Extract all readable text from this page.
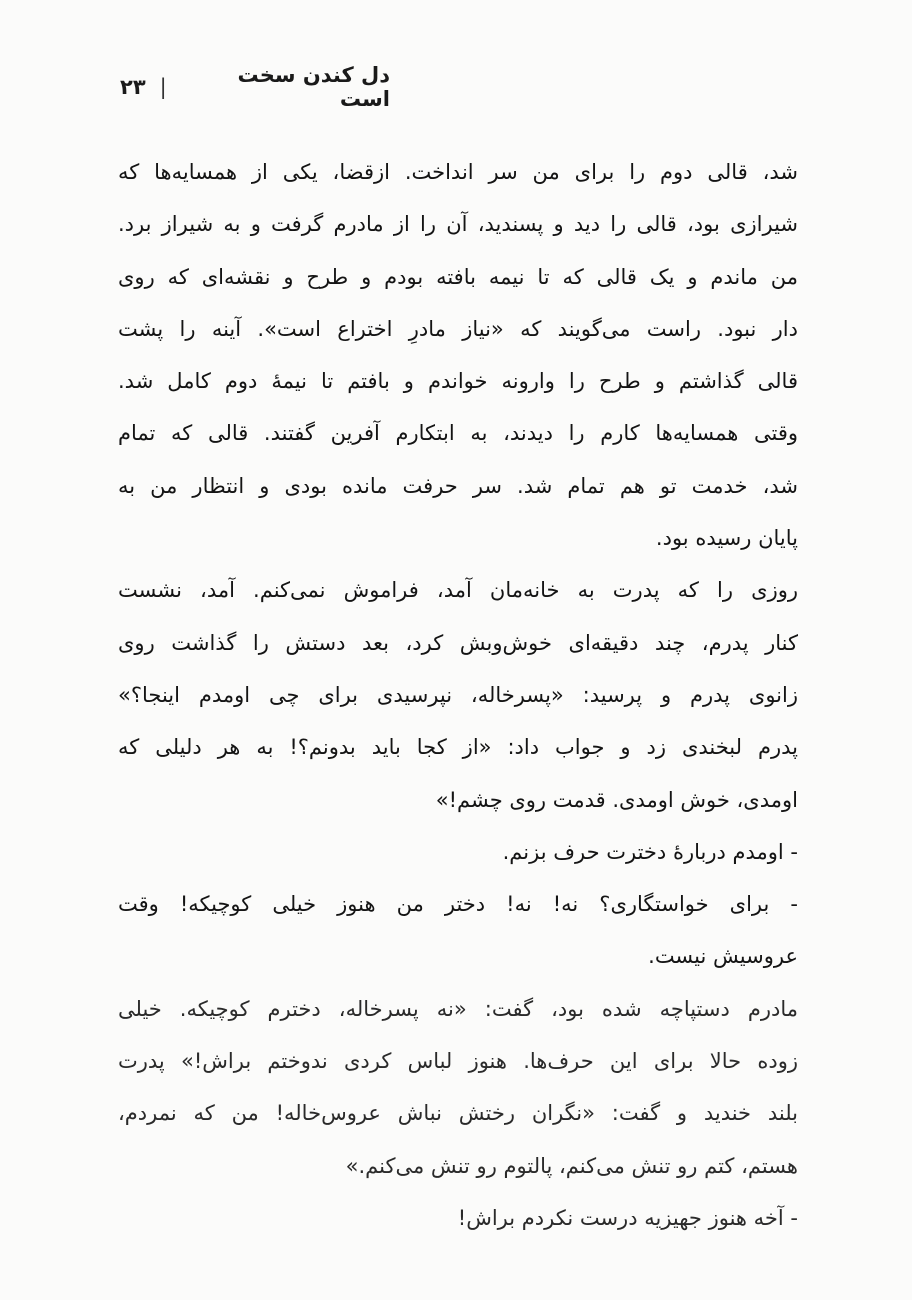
دل کندن سخت است
|
۲۳
شد، قالی دوم را برای من سر انداخت. ازقضا، یکی از همسایه‌ها که
شیرازی بود، قالی را دید و پسندید، آن را از مادرم گرفت و به شیراز برد.
من ماندم و یک قالی که تا نیمه بافته بودم و طرح و نقشه‌ای که روی
دار نبود. راست می‌گویند که «نیاز مادرِ اختراع است». آینه را پشت
قالی گذاشتم و طرح را وارونه خواندم و بافتم تا نیمهٔ دوم کامل شد.
وقتی همسایه‌ها کارم را دیدند، به ابتکارم آفرین گفتند. قالی که تمام
شد، خدمت تو هم تمام شد. سر حرفت مانده بودی و انتظار من به
پایان رسیده بود.
روزی را که پدرت به خانه‌مان آمد، فراموش نمی‌کنم. آمد، نشست
کنار پدرم، چند دقیقه‌ای خوش‌وبش کرد، بعد دستش را گذاشت روی
زانوی پدرم و پرسید: «پسرخاله، نپرسیدی برای چی اومدم اینجا؟»
پدرم لبخندی زد و جواب داد: «از کجا باید بدونم؟! به هر دلیلی که
اومدی، خوش اومدی. قدمت روی چشم!»
- اومدم دربارهٔ دخترت حرف بزنم.
- برای خواستگاری؟ نه! نه! دختر من هنوز خیلی کوچیکه! وقت
عروسیش نیست.
مادرم دستپاچه شده بود، گفت: «نه پسرخاله، دخترم کوچیکه. خیلی
زوده حالا برای این حرف‌ها. هنوز لباس کردی ندوختم براش!» پدرت
بلند خندید و گفت: «نگران رختش نباش عروس‌خاله! من که نمردم،
هستم، کتم رو تنش می‌کنم، پالتوم رو تنش می‌کنم.»
- آخه هنوز جهیزیه درست نکردم براش!
